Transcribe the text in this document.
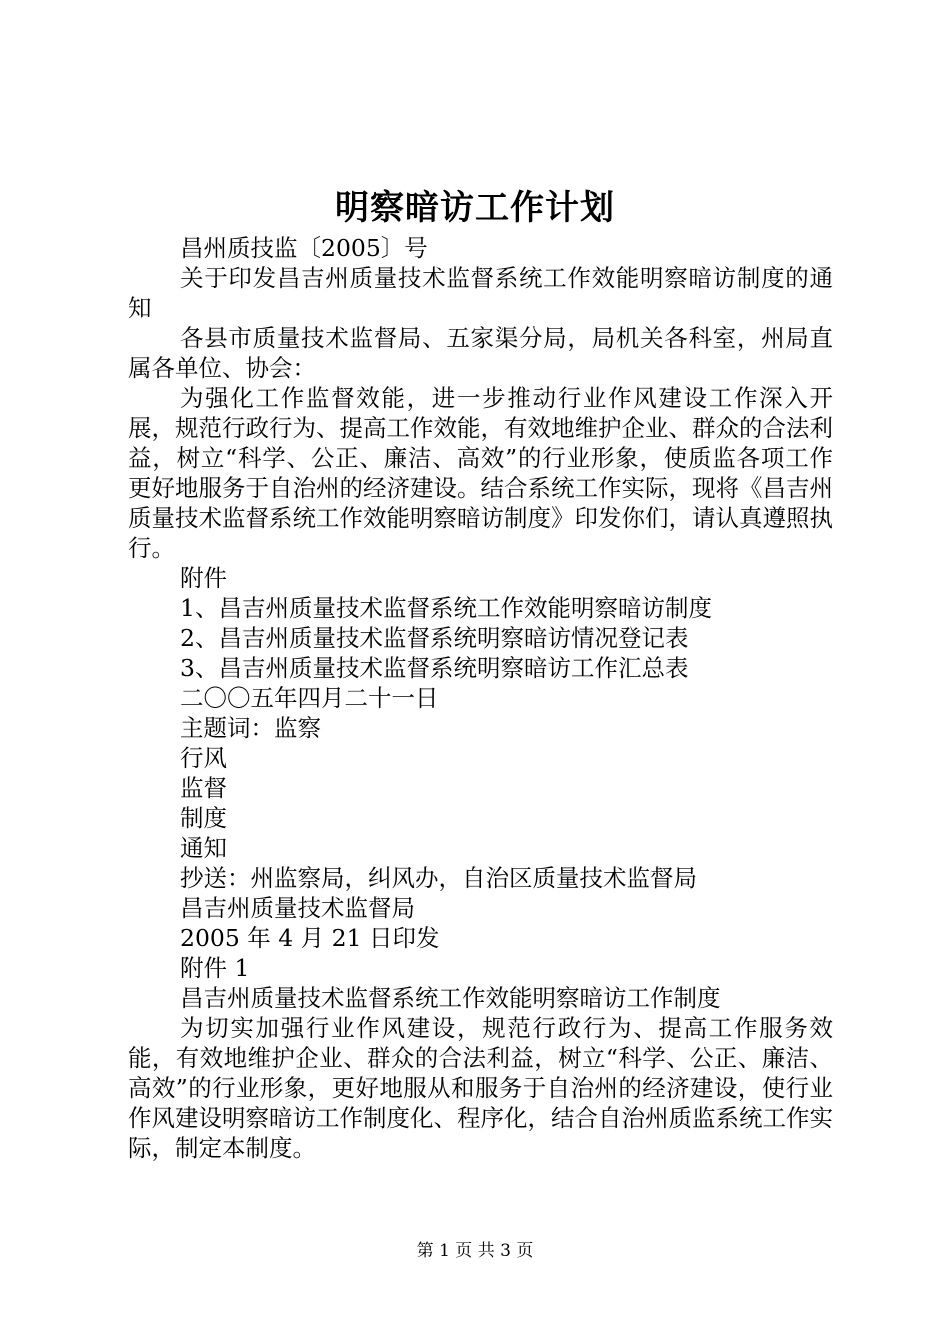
明察暗访工作计划
昌州质技监〔2005〕号
关于印发昌吉州质量技术监督系统工作效能明察暗访制度的通知
各县市质量技术监督局、五家渠分局，局机关各科室，州局直属各单位、协会：
为强化工作监督效能，进一步推动行业作风建设工作深入开展，规范行政行为、提高工作效能，有效地维护企业、群众的合法利益，树立“科学、公正、廉洁、高效”的行业形象，使质监各项工作更好地服务于自治州的经济建设。结合系统工作实际，现将《昌吉州质量技术监督系统工作效能明察暗访制度》印发你们，请认真遵照执行。
附件
1、昌吉州质量技术监督系统工作效能明察暗访制度
2、昌吉州质量技术监督系统明察暗访情况登记表
3、昌吉州质量技术监督系统明察暗访工作汇总表
二〇〇五年四月二十一日
主题词：监察
行风
监督
制度
通知
抄送：州监察局，纠风办，自治区质量技术监督局
昌吉州质量技术监督局
2005 年 4 月 21 日印发
附件 1
昌吉州质量技术监督系统工作效能明察暗访工作制度
为切实加强行业作风建设，规范行政行为、提高工作服务效能，有效地维护企业、群众的合法利益，树立“科学、公正、廉洁、高效”的行业形象，更好地服从和服务于自治州的经济建设，使行业作风建设明察暗访工作制度化、程序化，结合自治州质监系统工作实际，制定本制度。
第 1 页 共 3 页
